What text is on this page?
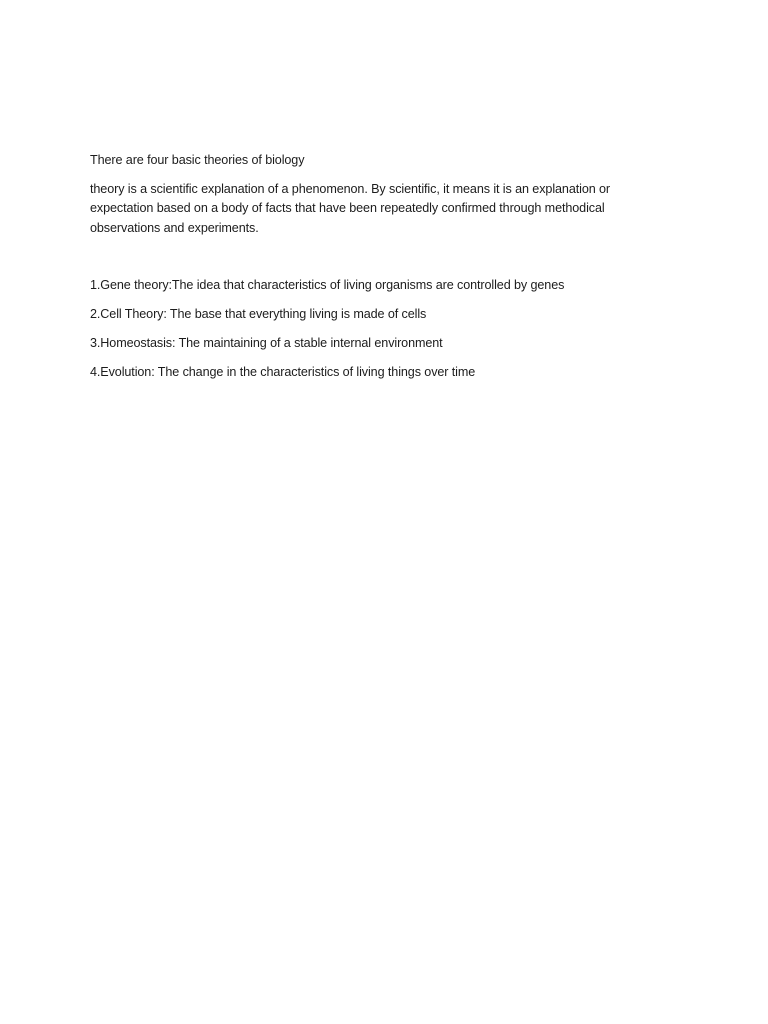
There are four basic theories of biology

theory is a scientific explanation of a phenomenon. By scientific, it means it is an explanation or expectation based on a body of facts that have been repeatedly confirmed through methodical observations and experiments.

1.Gene theory:The idea that characteristics of living organisms are controlled by genes
2.Cell Theory: The base that everything living is made of cells
3.Homeostasis: The maintaining of a stable internal environment
4.Evolution: The change in the characteristics of living things over time
